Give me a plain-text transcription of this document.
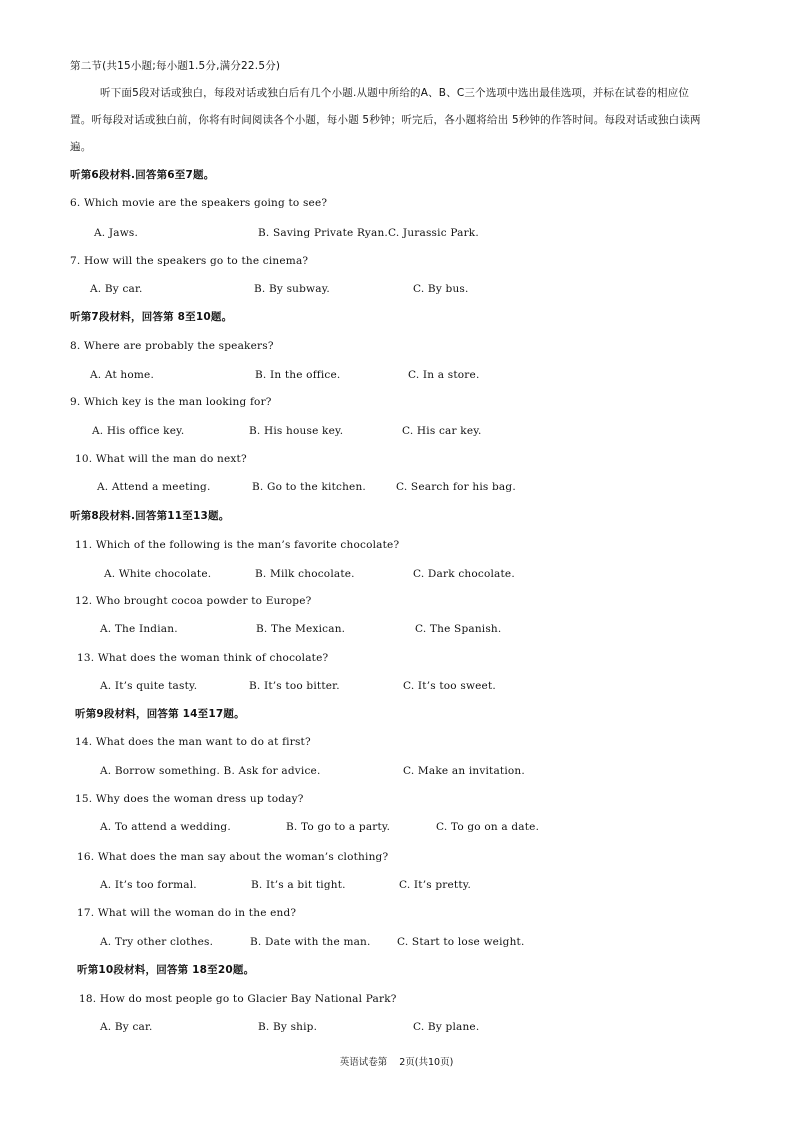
第二节(共15小题;每小题1.5分,满分22.5分)
听下面5段对话或独白，每段对话或独白后有几个小题.从题中所给的A、B、C三个选项中选出最佳选项，并标在试卷的相应位
置。听每段对话或独白前，你将有时间阅读各个小题，每小题 5秒钟；听完后，各小题将给出 5秒钟的作答时间。每段对话或独白读两
遍。
听第6段材料.回答第6至7题。
6. Which movie are the speakers going to see?
A. Jaws.	B. Saving Private Ryan.C. Jurassic Park.
7. How will the speakers go to the cinema?
A. By car.	B. By subway.	C. By bus.
听第7段材料，回答第 8至10题。
8. Where are probably the speakers?
A. At home.	B. In the office.	C. In a store.
9. Which key is the man looking for?
A. His office key.	B. His house key.	C. His car key.
10. What will the man do next?
A. Attend a meeting.	B. Go to the kitchen.	C. Search for his bag.
听第8段材料.回答第11至13题。
11. Which of the following is the man’s favorite chocolate?
A. White chocolate.	B. Milk chocolate.	C. Dark chocolate.
12. Who brought cocoa powder to Europe?
A. The Indian.	B. The Mexican.	C. The Spanish.
13. What does the woman think of chocolate?
A. It’s quite tasty.	B. It’s too bitter.	C. It’s too sweet.
听第9段材料，回答第 14至17题。
14. What does the man want to do at first?
A. Borrow something. B. Ask for advice.	C. Make an invitation.
15. Why does the woman dress up today?
A. To attend a wedding.	B. To go to a party.	C. To go on a date.
16. What does the man say about the woman’s clothing?
A. It’s too formal.	B. It’s a bit tight.	C. It’s pretty.
17. What will the woman do in the end?
A. Try other clothes.	B. Date with the man.	C. Start to lose weight.
听第10段材料，回答第 18至20题。
18. How do most people go to Glacier Bay National Park?
A. By car.	B. By ship.	C. By plane.
英语试卷第    2页(共10页)
